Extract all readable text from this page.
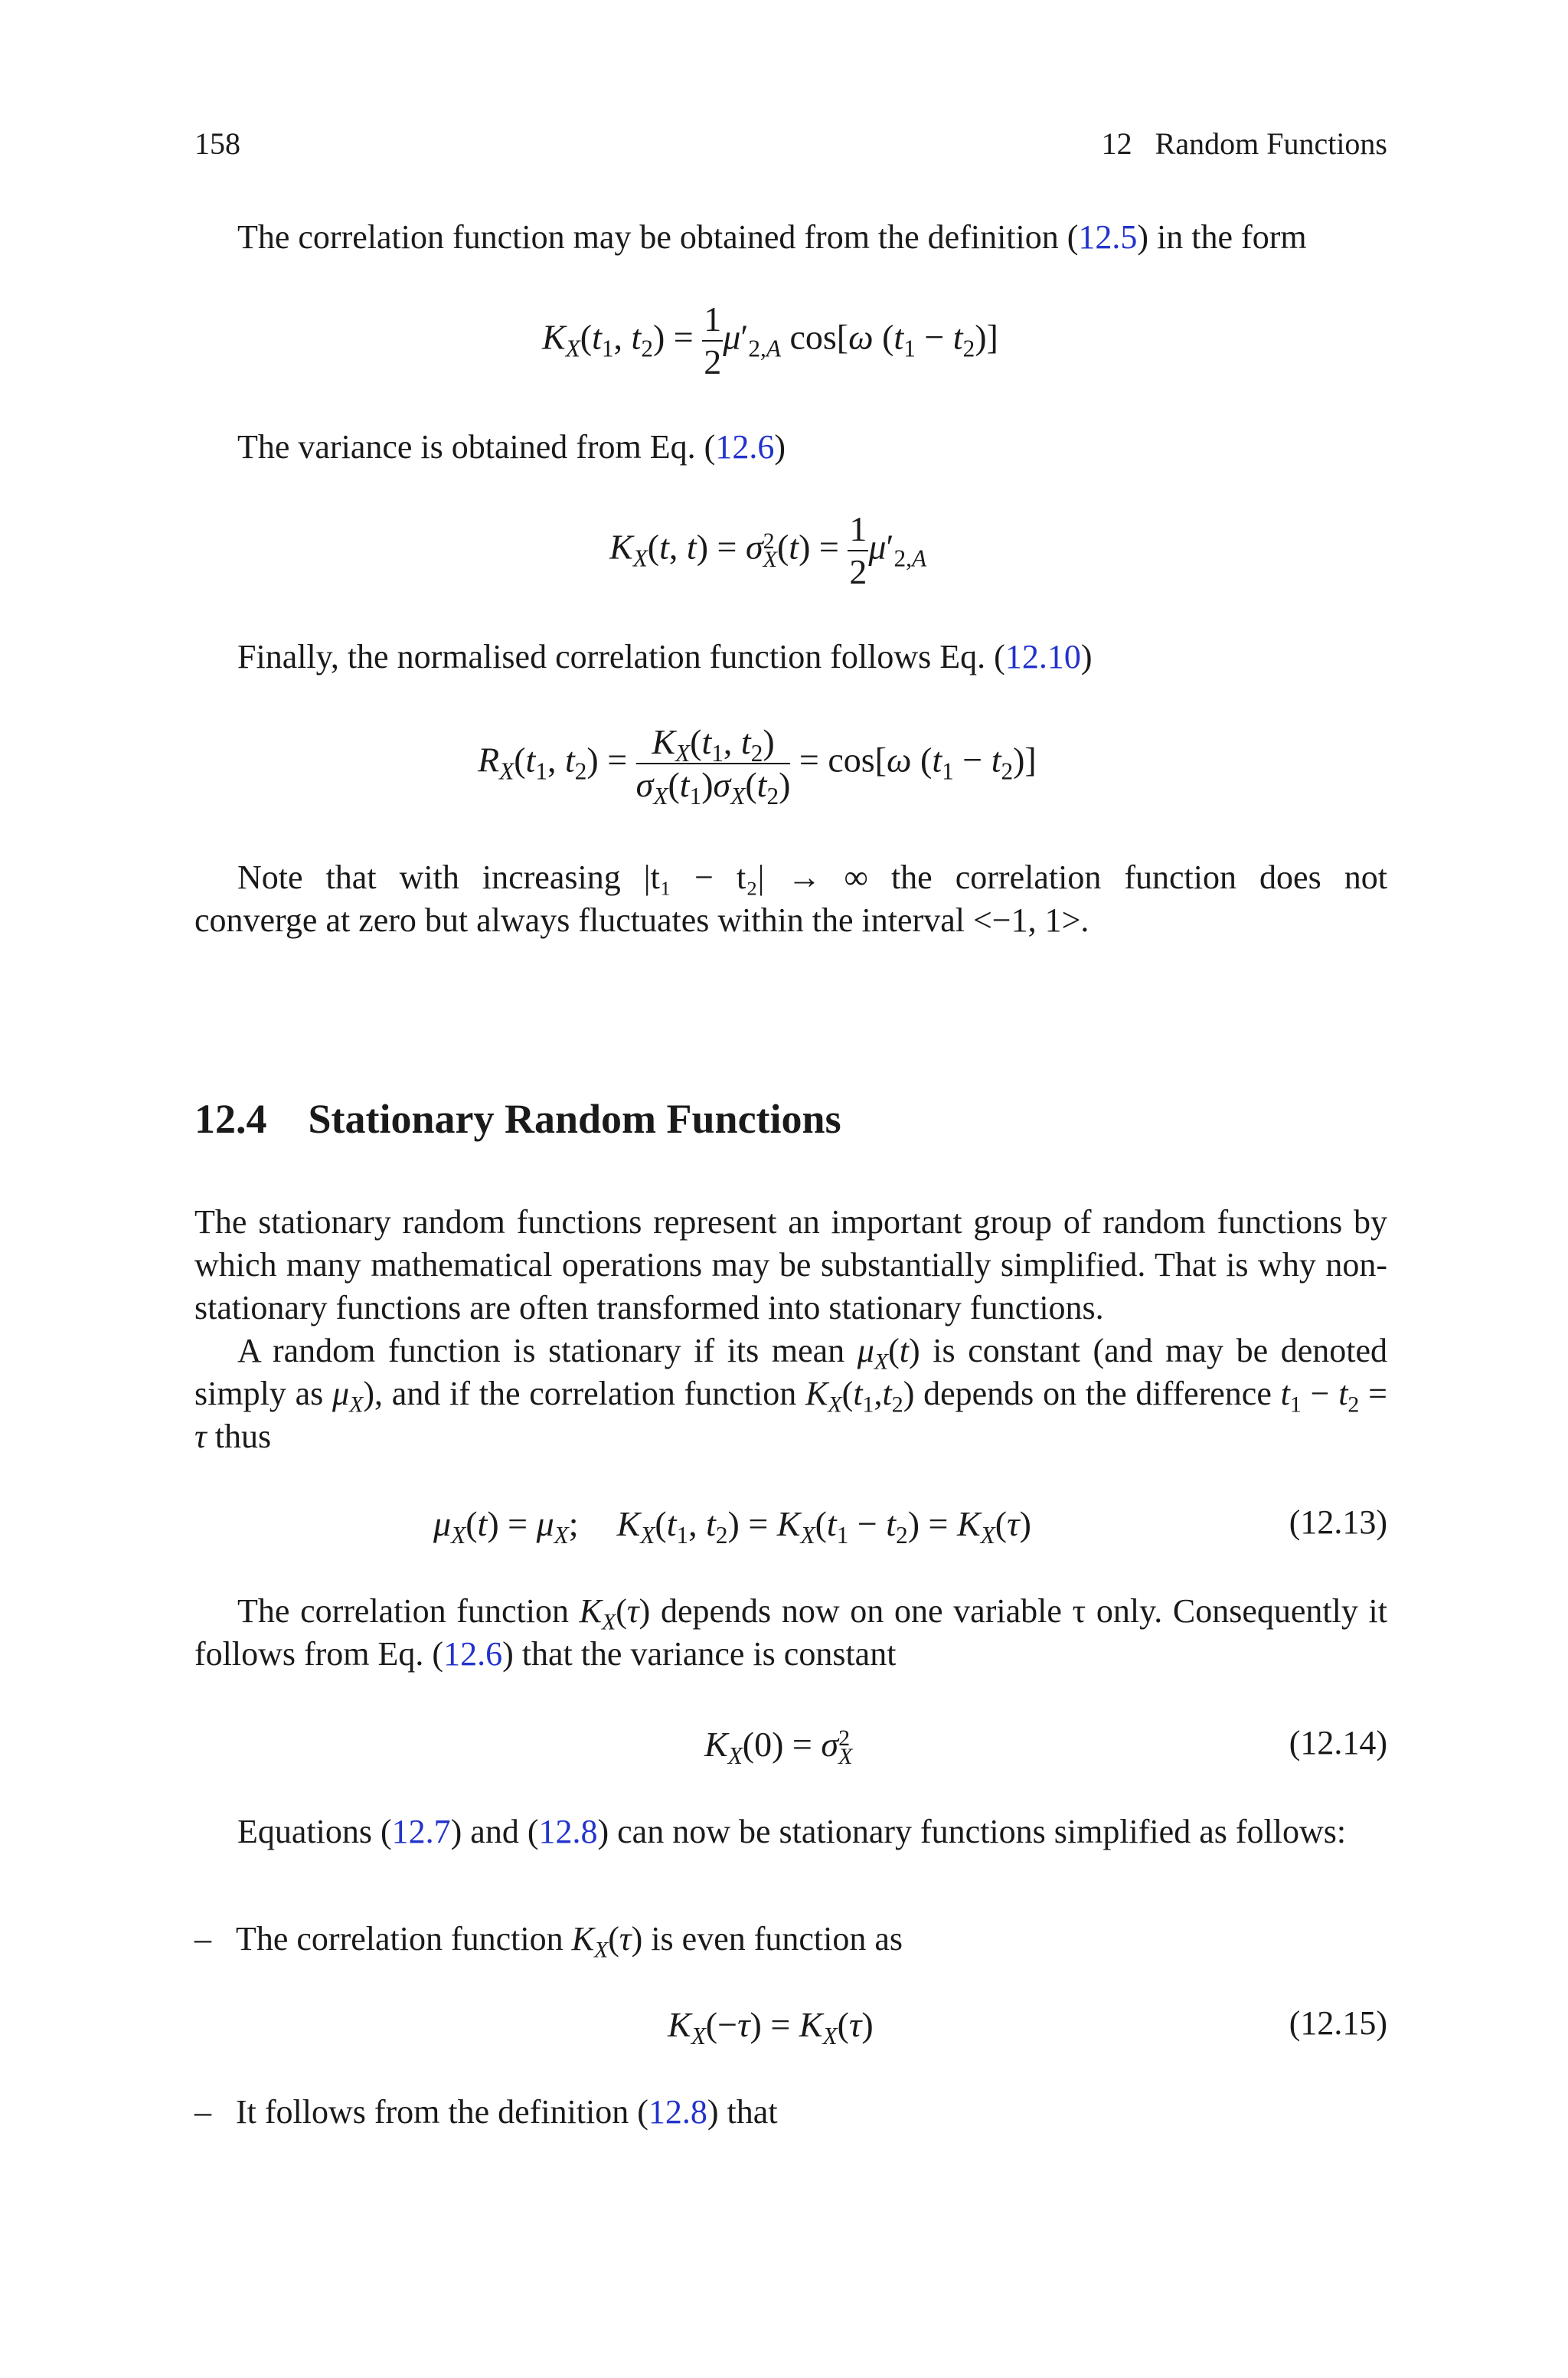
158	12   Random Functions
The correlation function may be obtained from the definition (12.5) in the form
$K_X(t_1$, $t_2) = \frac{1}{2} \mu'_{2,A}$ cos[ω $(t_1 - t_2)$]
The variance is obtained from Eq. (12.6)
$K_X(t$, t) = σ 2
X $(t) = \frac{1}{2} \mu'_{2,A}$
Finally, the normalised correlation function follows Eq. (12.10)
$R_X(t_1$, $t_2) = \frac{K_X(t_1, t_2)}{\sigma_X(t_1)\sigma_X(t_2)} = \cos[\omega$ $(t_1 - t_2)$]
Note that with increasing |t₁ − t₂| → ∞ the correlation function does not
converge at zero but always fluctuates within the interval <−1, 1>.
12.4 Stationary Random Functions
The stationary random functions represent an important group of random functions by which many mathematical operations may be substantially simplified. That is why non-stationary functions are often transformed into stationary functions.
A random function is stationary if its mean $\mu_X(t)$ is constant (and may be denoted simply as $\mu_X$), and if the correlation function $K_X(t_1,t_2)$ depends on the difference $t_1 - t_2 = \tau$ thus
$\mu_X(t) = \mu_X$; $K_X(t_1$, $t_2) = K_X(t_1 - t_2) = K_X(\tau)$	(12.13)
The correlation function $K_X(\tau)$ depends now on one variable τ only. Consequently it follows from Eq. (12.6) that the variance is constant
$K_X(0) = \sigma$ 2
X	(12.14)
Equations (12.7) and (12.8) can now be stationary functions simplified as follows:
– The correlation function $K_X(\tau)$ is even function as
$K_X(-\tau) = K_X(\tau)$	(12.15)
– It follows from the definition (12.8) that
